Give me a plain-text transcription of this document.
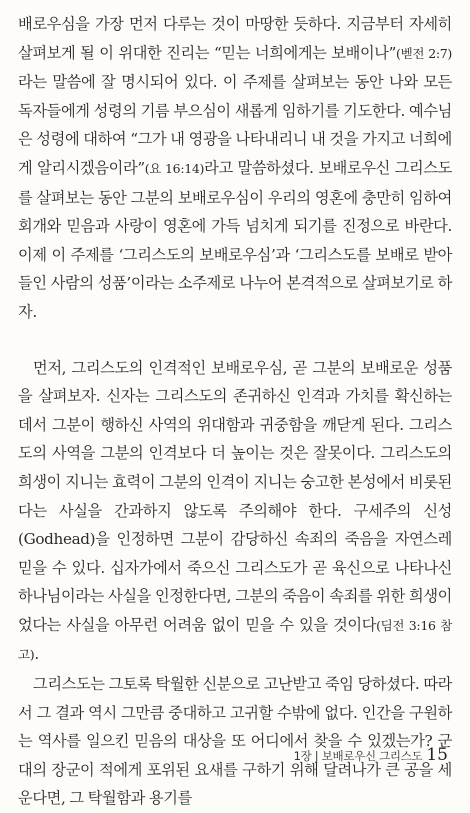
배로우심을 가장 먼저 다루는 것이 마땅한 듯하다. 지금부터 자세히 살펴보게 될 이 위대한 진리는 “믿는 너희에게는 보배이나”(벧전 2:7)라는 말씀에 잘 명시되어 있다. 이 주제를 살펴보는 동안 나와 모든 독자들에게 성령의 기름 부으심이 새롭게 임하기를 기도한다. 예수님은 성령에 대하여 “그가 내 영광을 나타내리니 내 것을 가지고 너희에게 알리시겠음이라”(요 16:14)라고 말씀하셨다. 보배로우신 그리스도를 살펴보는 동안 그분의 보배로우심이 우리의 영혼에 충만히 임하여 회개와 믿음과 사랑이 영혼에 가득 넘치게 되기를 진정으로 바란다. 이제 이 주제를 ‘그리스도의 보배로우심’과 ‘그리스도를 보배로 받아들인 사람의 성품’이라는 소주제로 나누어 본격적으로 살펴보기로 하자.

먼저, 그리스도의 인격적인 보배로우심, 곧 그분의 보배로운 성품을 살펴보자. 신자는 그리스도의 존귀하신 인격과 가치를 확신하는 데서 그분이 행하신 사역의 위대함과 귀중함을 깨닫게 된다. 그리스도의 사역을 그분의 인격보다 더 높이는 것은 잘못이다. 그리스도의 희생이 지니는 효력이 그분의 인격이 지니는 숭고한 본성에서 비롯된다는 사실을 간과하지 않도록 주의해야 한다. 구세주의 신성(Godhead)을 인정하면 그분이 감당하신 속죄의 죽음을 자연스레 믿을 수 있다. 십자가에서 죽으신 그리스도가 곧 육신으로 나타나신 하나님이라는 사실을 인정한다면, 그분의 죽음이 속죄를 위한 희생이었다는 사실을 아무런 어려움 없이 믿을 수 있을 것이다(딤전 3:16 참고).

그리스도는 그토록 탁월한 신분으로 고난받고 죽임 당하셨다. 따라서 그 결과 역시 그만큼 중대하고 고귀할 수밖에 없다. 인간을 구원하는 역사를 일으킨 믿음의 대상을 또 어디에서 찾을 수 있겠는가? 군대의 장군이 적에게 포위된 요새를 구하기 위해 달려나가 큰 공을 세운다면, 그 탁월함과 용기를

1장 | 보배로우신 그리스도 15
